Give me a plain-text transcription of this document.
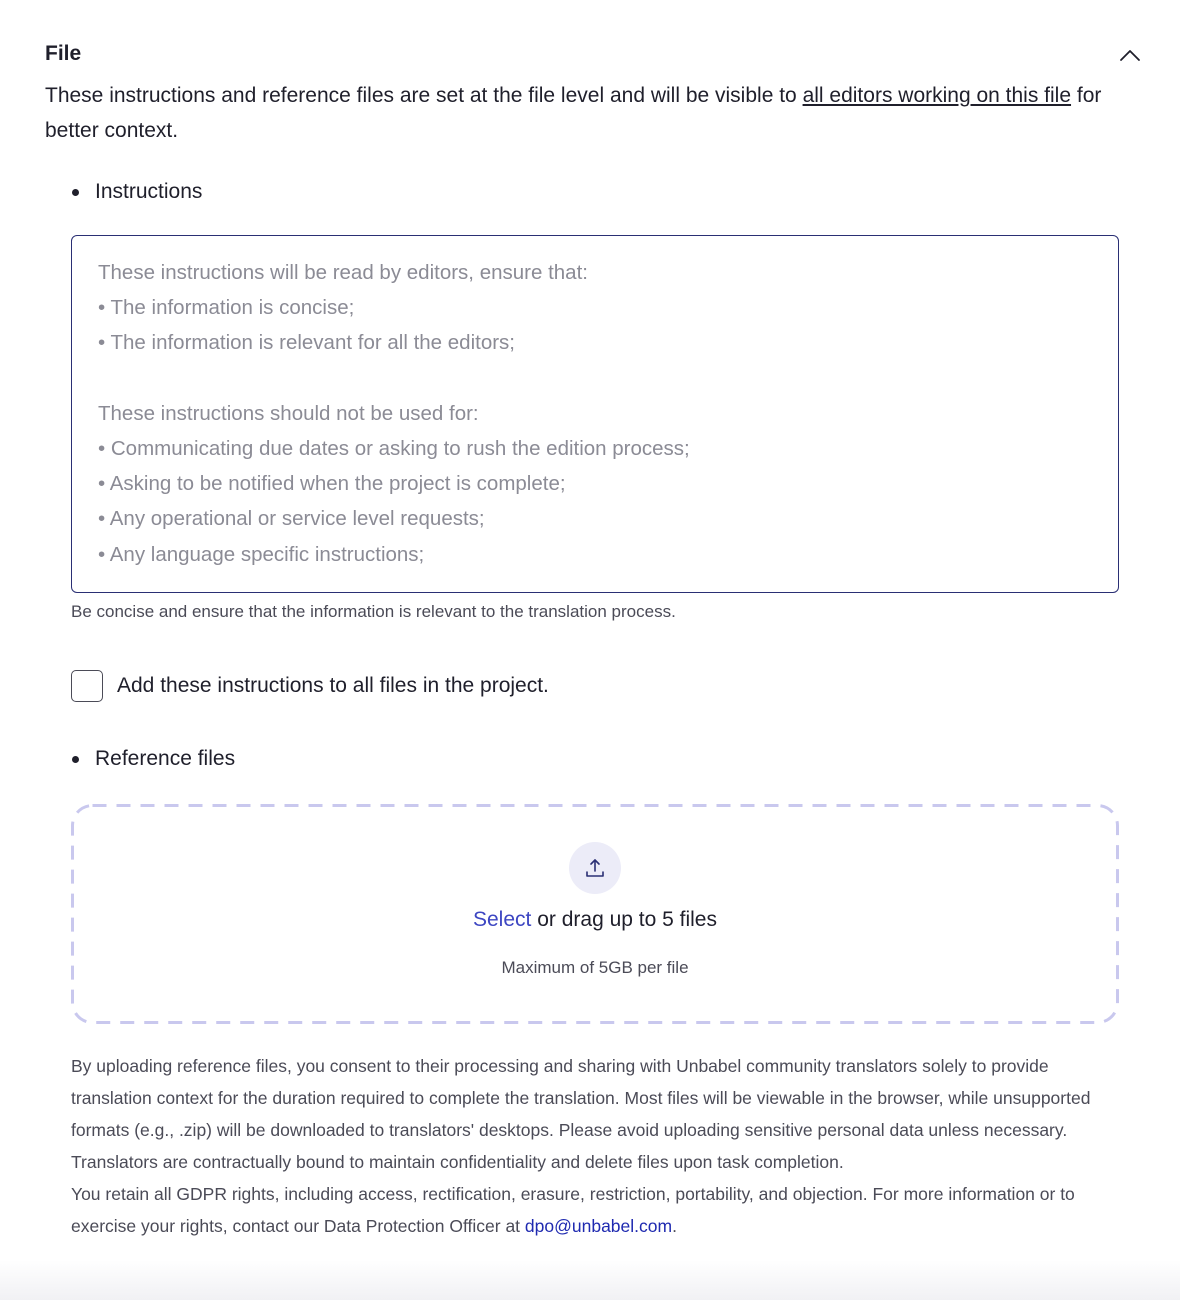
File
These instructions and reference files are set at the file level and will be visible to all editors working on this file for better context.
Instructions
These instructions will be read by editors, ensure that:
• The information is concise;
• The information is relevant for all the editors;
These instructions should not be used for:
• Communicating due dates or asking to rush the edition process;
• Asking to be notified when the project is complete;
• Any operational or service level requests;
• Any language specific instructions;
Be concise and ensure that the information is relevant to the translation process.
Add these instructions to all files in the project.
Reference files
Select or drag up to 5 files
Maximum of 5GB per file
By uploading reference files, you consent to their processing and sharing with Unbabel community translators solely to provide translation context for the duration required to complete the translation. Most files will be viewable in the browser, while unsupported formats (e.g., .zip) will be downloaded to translators' desktops. Please avoid uploading sensitive personal data unless necessary. Translators are contractually bound to maintain confidentiality and delete files upon task completion.
You retain all GDPR rights, including access, rectification, erasure, restriction, portability, and objection. For more information or to exercise your rights, contact our Data Protection Officer at dpo@unbabel.com.
